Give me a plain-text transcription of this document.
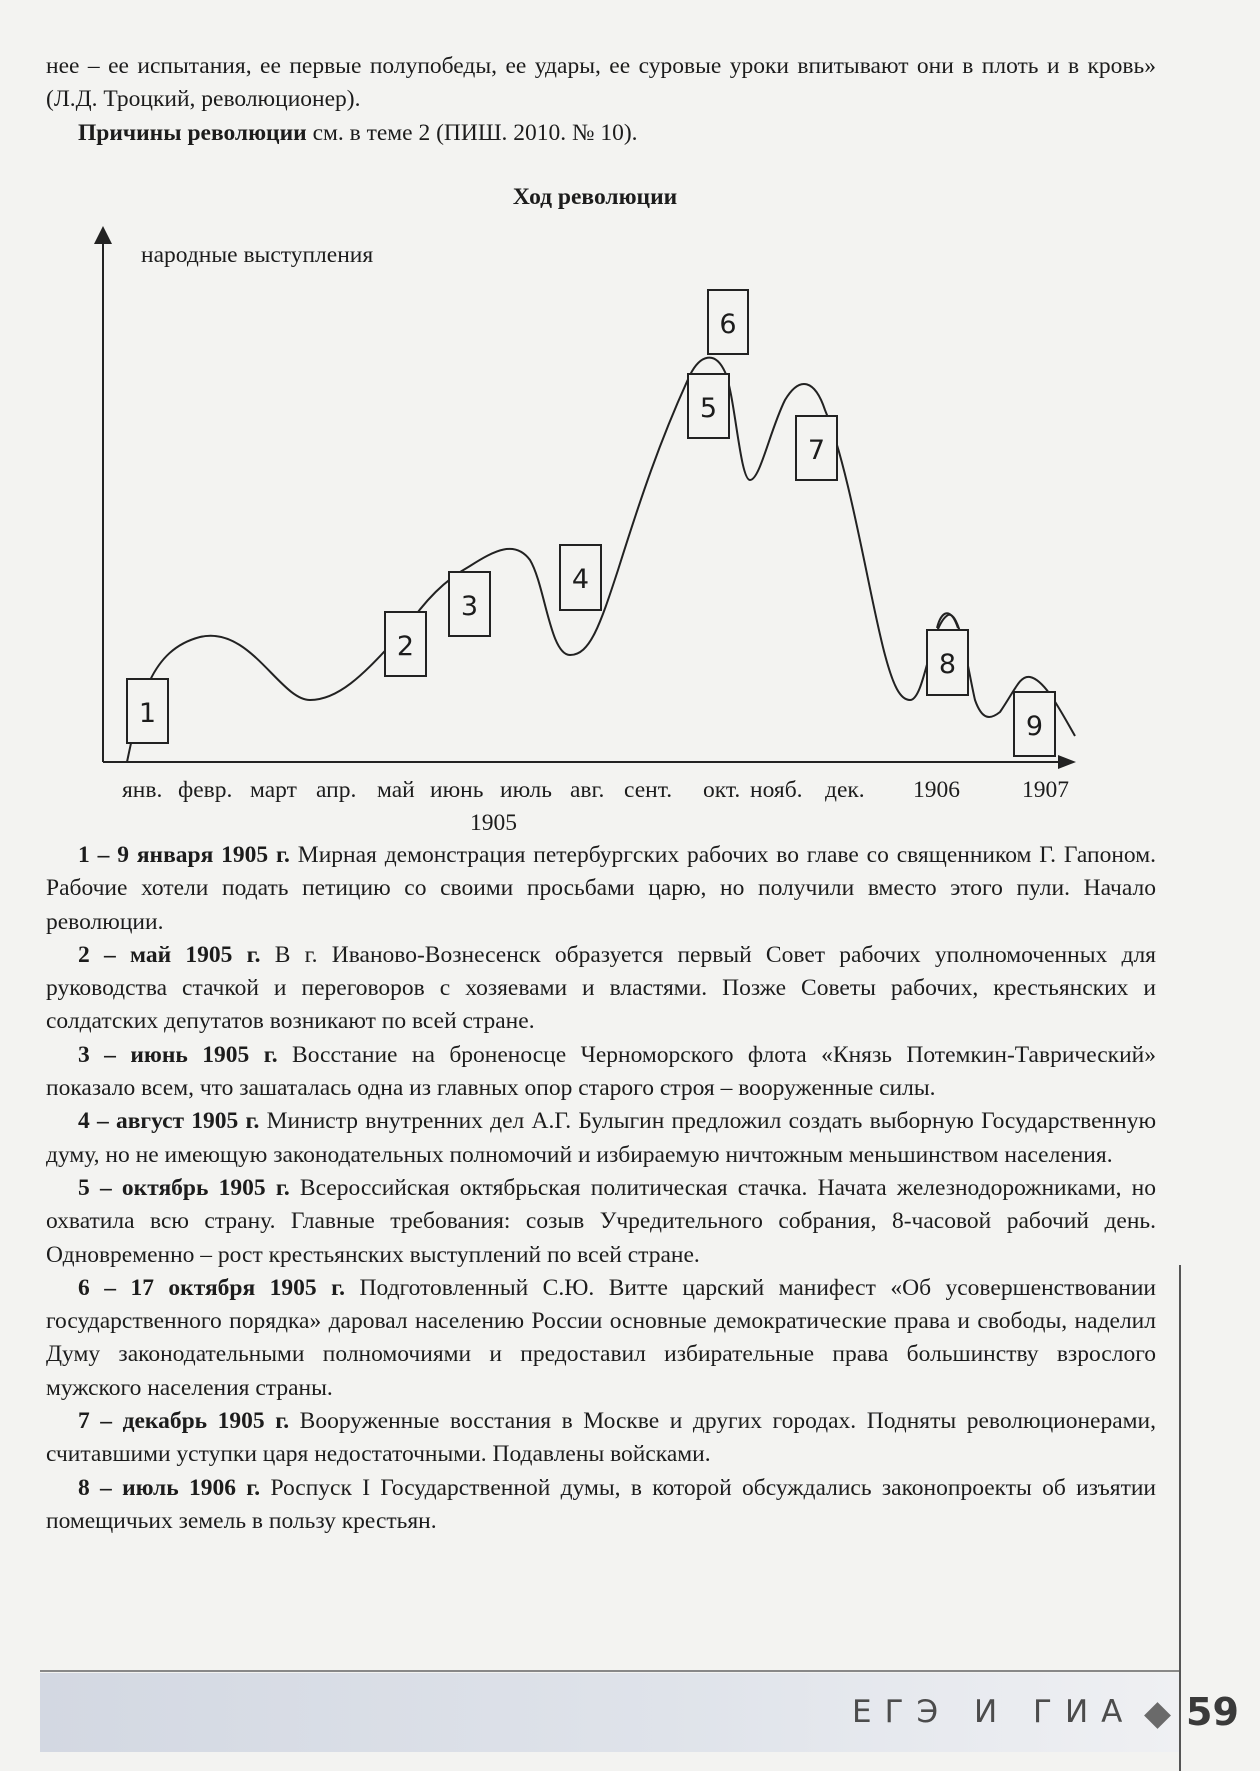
нее – ее испытания, ее первые полупобеды, ее удары, ее суровые уроки впитывают они в плоть и в кровь» (Л.Д. Троцкий, революционер).

Причины революции см. в теме 2 (ПИШ. 2010. № 10).

Ход революции
народные выступления
1
2
3
4
5
6
7
8
9
янв. февр. март апр. май июнь июль авг. сент. окт. нояб. дек. 1906	1907
1905

1 – 9 января 1905 г. Мирная демонстрация петербургских рабочих во главе со священником Г. Гапоном. Рабочие хотели подать петицию со своими просьбами царю, но получили вместо этого пули. Начало революции.

2 – май 1905 г. В г. Иваново-Вознесенск образуется первый Совет рабочих уполномоченных для руководства стачкой и переговоров с хозяевами и властями. Позже Советы рабочих, крестьянских и солдатских депутатов возникают по всей стране.

3 – июнь 1905 г. Восстание на броненосце Черноморского флота «Князь Потемкин-Таврический» показало всем, что зашаталась одна из главных опор старого строя – вооруженные силы.

4 – август 1905 г. Министр внутренних дел А.Г. Булыгин предложил создать выборную Государственную думу, но не имеющую законодательных полномочий и избираемую ничтожным меньшинством населения.

5 – октябрь 1905 г. Всероссийская октябрьская политическая стачка. Начата железнодорожниками, но охватила всю страну. Главные требования: созыв Учредительного собрания, 8-часовой рабочий день. Одновременно – рост крестьянских выступлений по всей стране.

6 – 17 октября 1905 г. Подготовленный С.Ю. Витте царский манифест «Об усовершенствовании государственного порядка» даровал населению России основные демократические права и свободы, наделил Думу законодательными полномочиями и предоставил избирательные права большинству взрослого мужского населения страны.

7 – декабрь 1905 г. Вооруженные восстания в Москве и других городах. Подняты революционерами, считавшими уступки царя недостаточными. Подавлены войсками.

8 – июль 1906 г. Роспуск I Государственной думы, в которой обсуждались законопроекты об изъятии помещичьих земель в пользу крестьян.

ЕГЭ И ГИА 59
